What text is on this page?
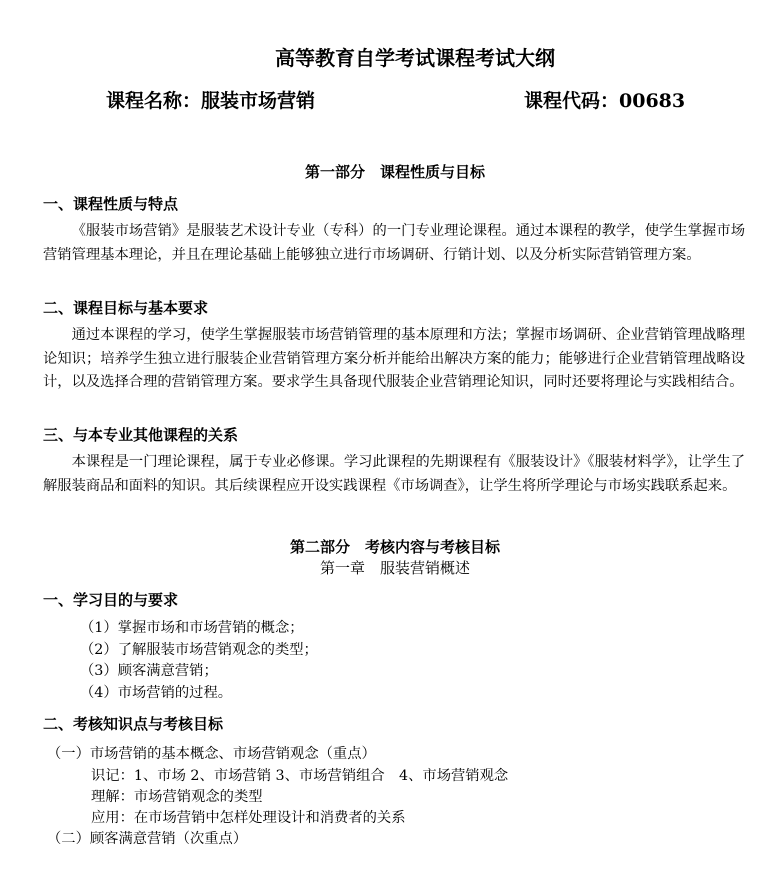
高等教育自学考试课程考试大纲
课程名称：服装市场营销	课程代码：00683
第一部分　课程性质与目标
一、课程性质与特点
《服装市场营销》是服装艺术设计专业（专科）的一门专业理论课程。通过本课程的教学，使学生掌握市场营销管理基本理论，并且在理论基础上能够独立进行市场调研、行销计划、以及分析实际营销管理方案。
二、课程目标与基本要求
通过本课程的学习，使学生掌握服装市场营销管理的基本原理和方法；掌握市场调研、企业营销管理战略理论知识；培养学生独立进行服装企业营销管理方案分析并能给出解决方案的能力；能够进行企业营销管理战略设计，以及选择合理的营销管理方案。要求学生具备现代服装企业营销理论知识，同时还要将理论与实践相结合。
三、与本专业其他课程的关系
本课程是一门理论课程，属于专业必修课。学习此课程的先期课程有《服装设计》《服装材料学》，让学生了解服装商品和面料的知识。其后续课程应开设实践课程《市场调查》，让学生将所学理论与市场实践联系起来。
第二部分　考核内容与考核目标
第一章　服装营销概述
一、学习目的与要求
（1）掌握市场和市场营销的概念；
（2）了解服装市场营销观念的类型；
（3）顾客满意营销；
（4）市场营销的过程。
二、考核知识点与考核目标
（一）市场营销的基本概念、市场营销观念（重点）
识记：1、市场 2、市场营销 3、市场营销组合　4、市场营销观念
理解：市场营销观念的类型
应用：在市场营销中怎样处理设计和消费者的关系
（二）顾客满意营销（次重点）
